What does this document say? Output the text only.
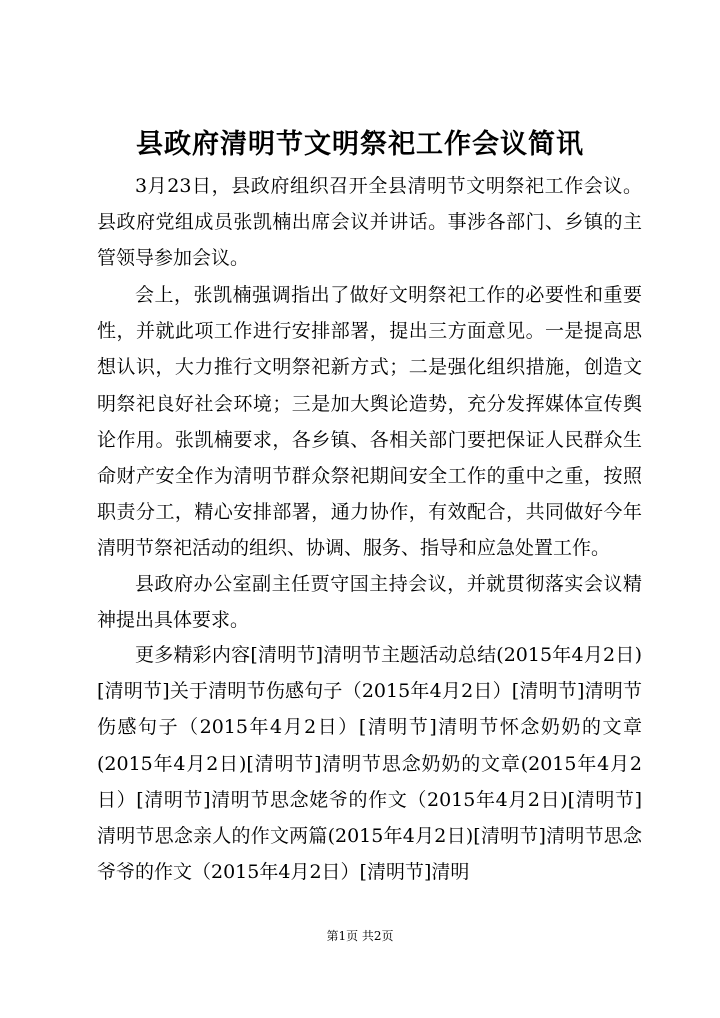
县政府清明节文明祭祀工作会议简讯

3月23日，县政府组织召开全县清明节文明祭祀工作会议。县政府党组成员张凯楠出席会议并讲话。事涉各部门、乡镇的主管领导参加会议。

会上，张凯楠强调指出了做好文明祭祀工作的必要性和重要性，并就此项工作进行安排部署，提出三方面意见。一是提高思想认识，大力推行文明祭祀新方式；二是强化组织措施，创造文明祭祀良好社会环境；三是加大舆论造势，充分发挥媒体宣传舆论作用。张凯楠要求，各乡镇、各相关部门要把保证人民群众生命财产安全作为清明节群众祭祀期间安全工作的重中之重，按照职责分工，精心安排部署，通力协作，有效配合，共同做好今年清明节祭祀活动的组织、协调、服务、指导和应急处置工作。

县政府办公室副主任贾守国主持会议，并就贯彻落实会议精神提出具体要求。

更多精彩内容[清明节]清明节主题活动总结(2015年4月2日)[清明节]关于清明节伤感句子（2015年4月2日）[清明节]清明节伤感句子（2015年4月2日）[清明节]清明节怀念奶奶的文章(2015年4月2日)[清明节]清明节思念奶奶的文章(2015年4月2日）[清明节]清明节思念姥爷的作文（2015年4月2日)[清明节]清明节思念亲人的作文两篇(2015年4月2日)[清明节]清明节思念爷爷的作文（2015年4月2日）[清明节]清明

第1页 共2页
